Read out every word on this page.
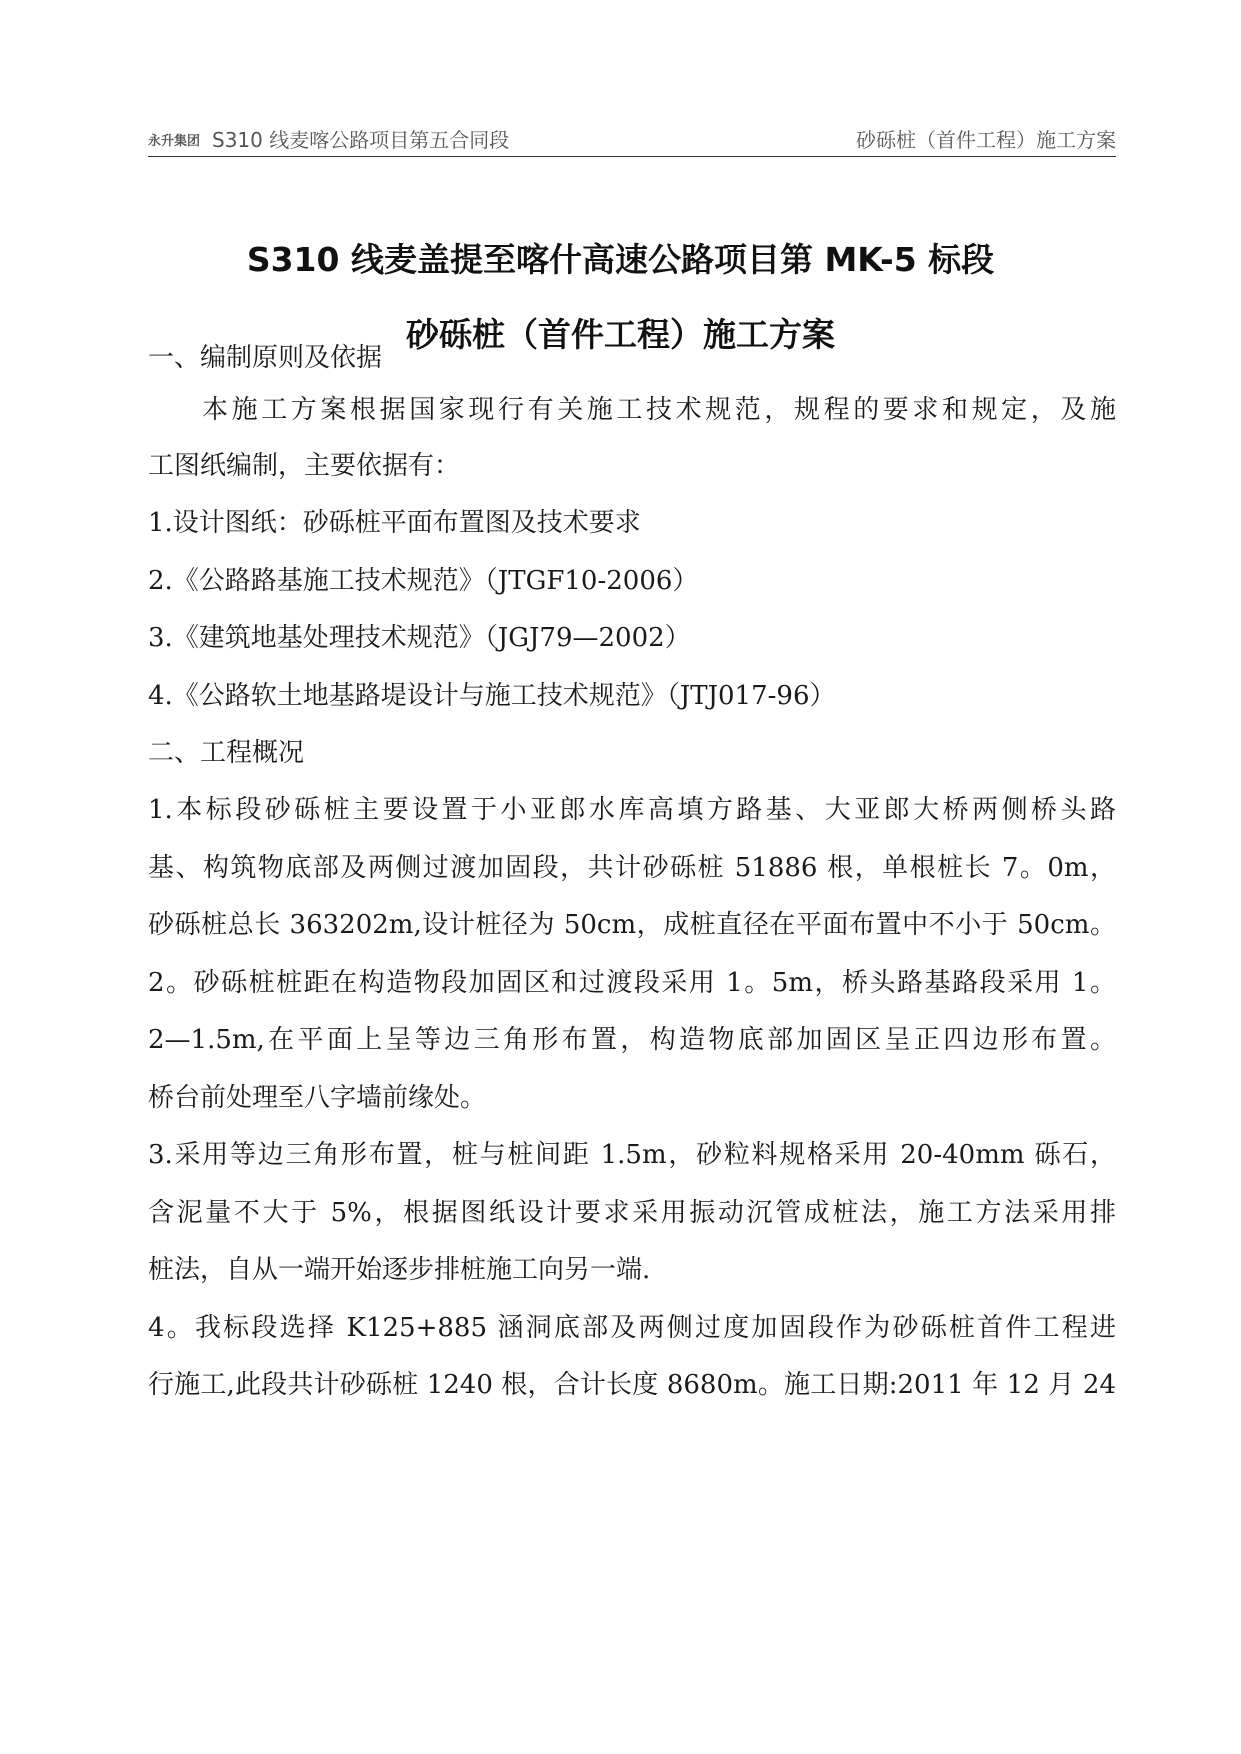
永升集团 S310 线麦喀公路项目第五合同段	砂砾桩（首件工程）施工方案
S310 线麦盖提至喀什高速公路项目第 MK-5 标段
砂砾桩（首件工程）施工方案
一、编制原则及依据
本施工方案根据国家现行有关施工技术规范，规程的要求和规定，及施
工图纸编制，主要依据有：
1.设计图纸：砂砾桩平面布置图及技术要求
2.《公路路基施工技术规范》（JTGF10-2006）
3.《建筑地基处理技术规范》（JGJ79—2002）
4.《公路软土地基路堤设计与施工技术规范》（JTJ017-96）
二、工程概况
1.本标段砂砾桩主要设置于小亚郎水库高填方路基、大亚郎大桥两侧桥头路
基、构筑物底部及两侧过渡加固段，共计砂砾桩 51886 根，单根桩长 7。0m，
砂砾桩总长 363202m,设计桩径为 50cm，成桩直径在平面布置中不小于 50cm。
2。砂砾桩桩距在构造物段加固区和过渡段采用 1。5m，桥头路基路段采用 1。
2—1.5m,在平面上呈等边三角形布置，构造物底部加固区呈正四边形布置。
桥台前处理至八字墙前缘处。
3.采用等边三角形布置，桩与桩间距 1.5m，砂粒料规格采用 20-40mm 砾石，
含泥量不大于 5%，根据图纸设计要求采用振动沉管成桩法，施工方法采用排
桩法，自从一端开始逐步排桩施工向另一端.
4。我标段选择 K125+885 涵洞底部及两侧过度加固段作为砂砾桩首件工程进
行施工,此段共计砂砾桩 1240 根，合计长度 8680m。施工日期:2011 年 12 月 24
